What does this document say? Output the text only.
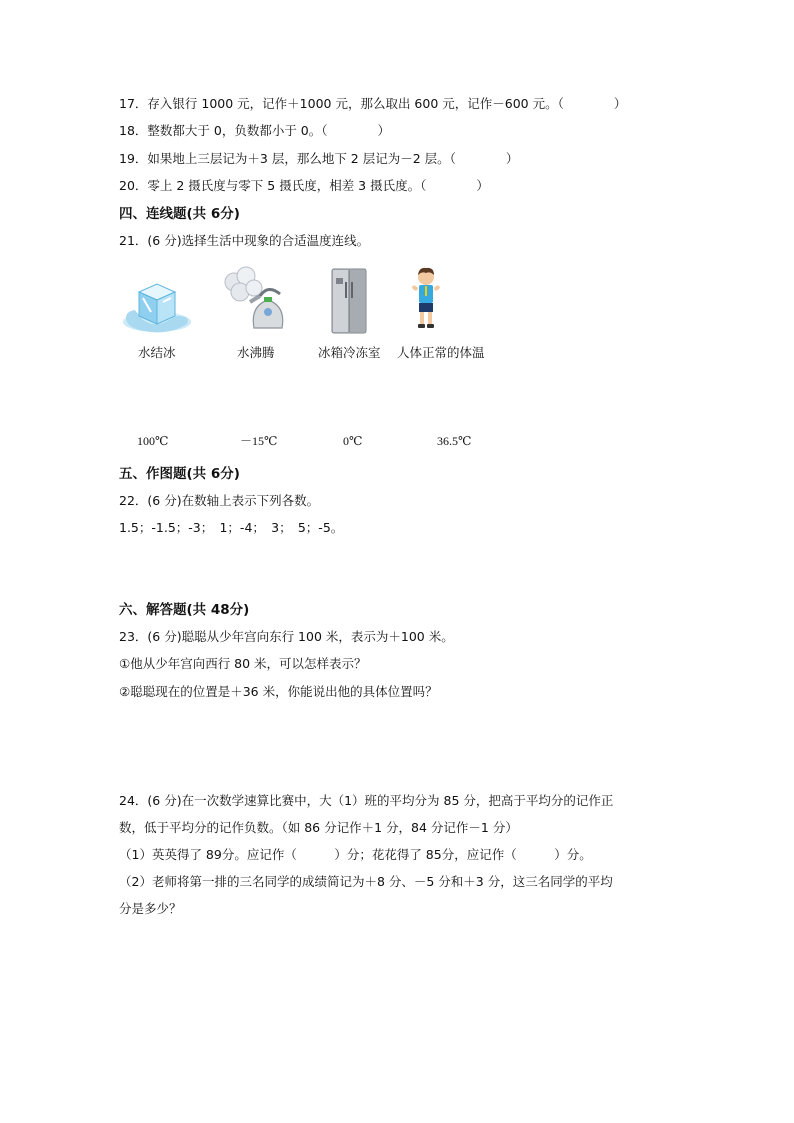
17．存入银行 1000 元，记作＋1000 元，那么取出 600 元，记作－600 元。（　　　　）
18．整数都大于 0，负数都小于 0。（　　　　）
19．如果地上三层记为＋3 层，那么地下 2 层记为－2 层。（　　　　）
20．零上 2 摄氏度与零下 5 摄氏度，相差 3 摄氏度。（　　　　）
四、连线题(共 6分)
21．(6 分)选择生活中现象的合适温度连线。
水结冰	水沸腾	冰箱冷冻室 人体正常的体温
100℃	－15℃	0℃	36.5℃
五、作图题(共 6分)
22．(6 分)在数轴上表示下列各数。
1.5；-1.5；-3；　1；-4；　3；　5；-5。
六、解答题(共 48分)
23．(6 分)聪聪从少年宫向东行 100 米，表示为＋100 米。
①他从少年宫向西行 80 米，可以怎样表示？
②聪聪现在的位置是＋36 米，你能说出他的具体位置吗？
24．(6 分)在一次数学速算比赛中，大（1）班的平均分为 85 分，把高于平均分的记作正
数，低于平均分的记作负数。（如 86 分记作＋1 分，84 分记作－1 分）
（1）英英得了 89分。应记作（　　　）分；花花得了 85分，应记作（　　　）分。
（2）老师将第一排的三名同学的成绩简记为＋8 分、－5 分和＋3 分，这三名同学的平均
分是多少？
